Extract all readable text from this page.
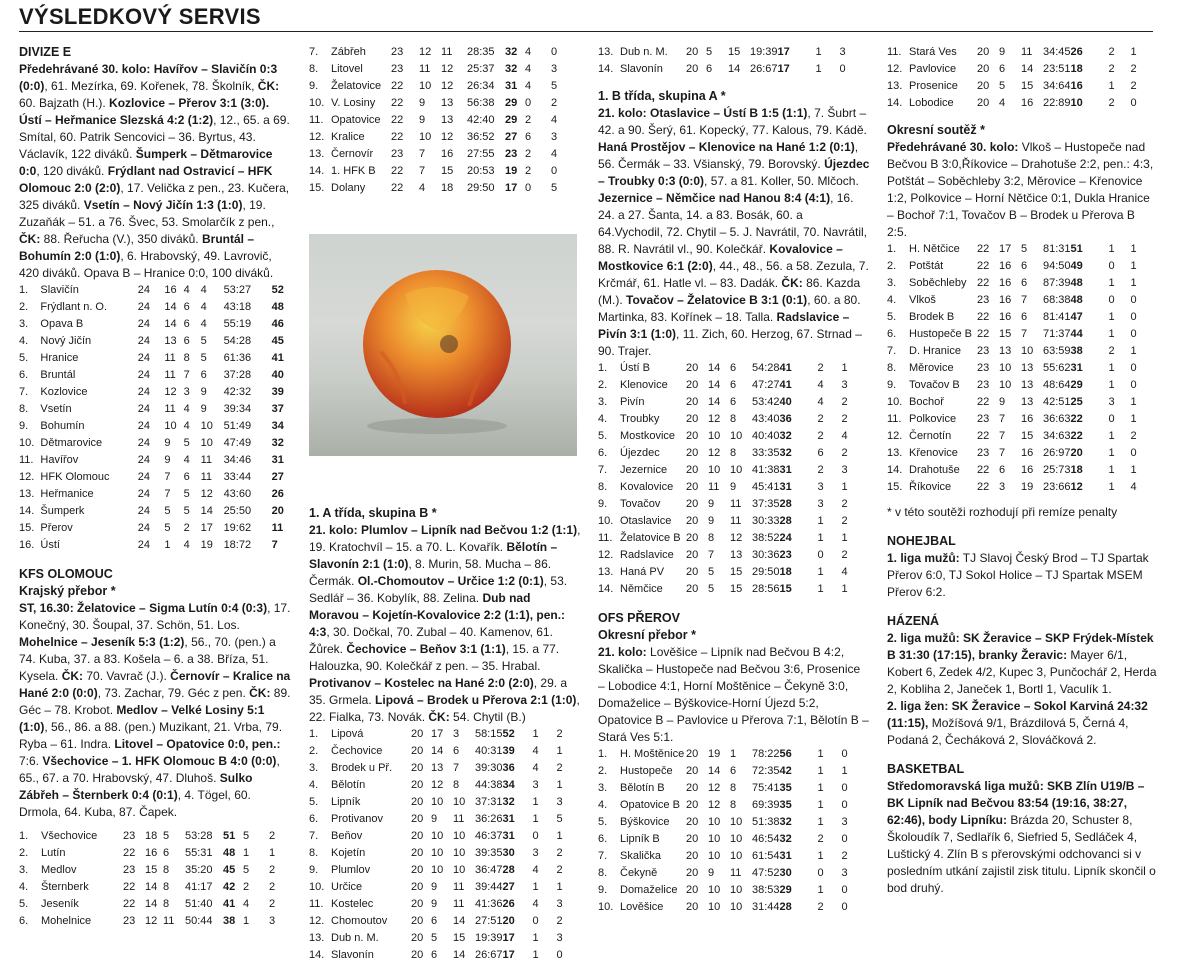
VÝSLEDKOVÝ SERVIS

DIVIZE E

Předehrávané 30. kolo: Havířov – Slavičín 0:3 (0:0), 61. Mezírka, 69. Kořenek, 78. Školník, ČK: 60. Bajzath (H.). Kozlovice – Přerov 3:1 (3:0). Ústí – Heřmanice Slezská 4:2 (1:2), 12., 65. a 69. Smítal, 60. Patrik Sencovici – 36. Byrtus, 43. Václavík, 122 diváků. Šumperk – Dětmarovice 0:0, 120 diváků. Frýdlant nad Ostravicí – HFK Olomouc 2:0 (2:0), 17. Velička z pen., 23. Kučera, 325 diváků. Vsetín – Nový Jičín 1:3 (1:0), 19. Zuzaňák – 51. a 76. Švec, 53. Smolarčík z pen., ČK: 88. Řeřucha (V.), 350 diváků. Bruntál – Bohumín 2:0 (1:0), 6. Hrabovský, 49. Lavrovič, 420 diváků. Opava B – Hranice 0:0, 100 diváků.

1.	Slavičín	24	16	4	4	53:27	52
2.	Frýdlant n. O.	24	14	6	4	43:18	48
3.	Opava B	24	14	6	4	55:19	46
4.	Nový Jičín	24	13	6	5	54:28	45
5.	Hranice	24	11	8	5	61:36	41
6.	Bruntál	24	11	7	6	37:28	40
7.	Kozlovice	24	12	3	9	42:32	39
8.	Vsetín	24	11	4	9	39:34	37
9.	Bohumín	24	10	4	10	51:49	34
10.	Dětmarovice	24	9	5	10	47:49	32
11.	Havířov	24	9	4	11	34:46	31
12.	HFK Olomouc	24	7	6	11	33:44	27
13.	Heřmanice	24	7	5	12	43:60	26
14.	Šumperk	24	5	5	14	25:50	20
15.	Přerov	24	5	2	17	19:62	11
16.	Ústí	24	1	4	19	18:72	7

KFS OLOMOUC

Krajský přebor *

ST, 16.30: Želatovice – Sigma Lutín 0:4 (0:3), 17. Konečný, 30. Šoupal, 37. Schön, 51. Los. Mohelnice – Jeseník 5:3 (1:2), 56., 70. (pen.) a 74. Kuba, 37. a 83. Košela – 6. a 38. Bříza, 51. Kysela. ČK: 70. Vavrač (J.). Černovír – Kralice na Hané 2:0 (0:0), 73. Zachar, 79. Géc z pen. ČK: 89. Géc – 78. Krobot. Medlov – Velké Losiny 5:1 (1:0), 56., 86. a 88. (pen.) Muzikant, 21. Vrba, 79. Ryba – 61. Indra. Litovel – Opatovice 0:0, pen.: 7:6. Všechovice – 1. HFK Olomouc B 4:0 (0:0), 65., 67. a 70. Hrabovský, 47. Dluhoš. Sulko Zábřeh – Šternberk 0:4 (0:1), 4. Tögel, 60. Drmola, 64. Kuba, 87. Čapek.

1.	Všechovice	23	18	5		53:28	51	5	2
2.	Lutín	22	16	6		55:31	48	1	1
3.	Medlov	23	15	8		35:20	45	5	2
4.	Šternberk	22	14	8		41:17	42	2	2
5.	Jeseník	22	14	8		51:40	41	4	2
6.	Mohelnice	23	12	11		50:44	38	1	3
7.	Zábřeh	23	12	11		28:35	32	4	0
8.	Litovel	23	11	12		25:37	32	4	3
9.	Želatovice	22	10	12		26:34	31	4	5
10.	V. Losiny	22	9	13		56:38	29	0	2
11.	Opatovice	22	9	13		42:40	29	2	4
12.	Kralice	22	10	12		36:52	27	6	3
13.	Černovír	23	7	16		27:55	23	2	4
14.	1. HFK B	22	7	15		20:53	19	2	0
15.	Dolany	22	4	18		29:50	17	0	5

1. A třída, skupina B *

21. kolo: Plumlov – Lipník nad Bečvou 1:2 (1:1), 19. Kratochvíl – 15. a 70. L. Kovařík. Bělotín – Slavonín 2:1 (1:0), 8. Murin, 58. Mucha – 86. Čermák. Ol.-Chomoutov – Určice 1:2 (0:1), 53. Sedlář – 36. Kobylík, 88. Zelina. Dub nad Moravou – Kojetín-Kovalovice 2:2 (1:1), pen.: 4:3, 30. Dočkal, 70. Zubal – 40. Kamenov, 61. Žůrek. Čechovice – Beňov 3:1 (1:1), 15. a 77. Halouzka, 90. Kolečkář z pen. – 35. Hrabal. Protivanov – Kostelec na Hané 2:0 (2:0), 29. a 35. Grmela. Lipová – Brodek u Přerova 2:1 (1:0), 22. Fialka, 73. Novák. ČK: 54. Chytil (B.)

1.	Lipová	20	17	3	58:15	52	1	2
2.	Čechovice	20	14	6	40:31	39	4	1
3.	Brodek u Př.	20	13	7	39:30	36	4	2
4.	Bělotín	20	12	8	44:38	34	3	1
5.	Lipník	20	10	10	37:31	32	1	3
6.	Protivanov	20	9	11	36:26	31	1	5
7.	Beňov	20	10	10	46:37	31	0	1
8.	Kojetín	20	10	10	39:35	30	3	2
9.	Plumlov	20	10	10	36:47	28	4	2
10.	Určice	20	9	11	39:44	27	1	1
11.	Kostelec	20	9	11	41:36	26	4	3
12.	Chomoutov	20	6	14	27:51	20	0	2
13.	Dub n. M.	20	5	15	19:39	17	1	3
14.	Slavonín	20	6	14	26:67	17	1	0
13.	Dub n. M.	20	5	15	19:39	17	1	3
14.	Slavonín	20	6	14	26:67	17	1	0

1. B třída, skupina A *

21. kolo: Otaslavice – Ústí B 1:5 (1:1), 7. Šubrt – 42. a 90. Šerý, 61. Kopecký, 77. Kalous, 79. Kádě. Haná Prostějov – Klenovice na Hané 1:2 (0:1), 56. Čermák – 33. Všianský, 79. Borovský. Újezdec – Troubky 0:3 (0:0), 57. a 81. Koller, 50. Mlčoch. Jezernice – Němčice nad Hanou 8:4 (4:1), 16. 24. a 27. Šanta, 14. a 83. Bosák, 60. a 64.Vychodil, 72. Chytil – 5. J. Navrátil, 70. Navrátil, 88. R. Navrátil vl., 90. Kolečkář. Kovalovice – Mostkovice 6:1 (2:0), 44., 48., 56. a 58. Zezula, 7. Krčmář, 61. Hatle vl. – 83. Dadák. ČK: 86. Kazda (M.). Tovačov – Želatovice B 3:1 (0:1), 60. a 80. Martinka, 83. Kořínek – 18. Talla. Radslavice – Pivín 3:1 (1:0), 11. Zich, 60. Herzog, 67. Strnad – 90. Trajer.

1.	Ústí B	20	14	6	54:28	41	2	1
2.	Klenovice	20	14	6	47:27	41	4	3
3.	Pivín	20	14	6	53:42	40	4	2
4.	Troubky	20	12	8	43:40	36	2	2
5.	Mostkovice	20	10	10	40:40	32	2	4
6.	Újezdec	20	12	8	33:35	32	6	2
7.	Jezernice	20	10	10	41:38	31	2	3
8.	Kovalovice	20	11	9	45:41	31	3	1
9.	Tovačov	20	9	11	37:35	28	3	2
10.	Otaslavice	20	9	11	30:33	28	1	2
11.	Želatovice B	20	8	12	38:52	24	1	1
12.	Radslavice	20	7	13	30:36	23	0	2
13.	Haná PV	20	5	15	29:50	18	1	4
14.	Němčice	20	5	15	28:56	15	1	1

OFS PŘEROV

Okresní přebor *

21. kolo: Lověšice – Lipník nad Bečvou B 4:2, Skalička – Hustopeče nad Bečvou 3:6, Prosenice – Lobodice 4:1, Horní Moštěnice – Čekyně 3:0, Domaželice – Býškovice-Horní Újezd 5:2, Opatovice B – Pavlovice u Přerova 7:1, Bělotín B – Stará Ves 5:1.

1.	H. Moštěnice	20	19	1	78:22	56	1	0
2.	Hustopeče	20	14	6	72:35	42	1	1
3.	Bělotín B	20	12	8	75:41	35	1	0
4.	Opatovice B	20	12	8	69:39	35	1	0
5.	Býškovice	20	10	10	51:38	32	1	3
6.	Lipník B	20	10	10	46:54	32	2	0
7.	Skalička	20	10	10	61:54	31	1	2
8.	Čekyně	20	9	11	47:52	30	0	3
9.	Domaželice	20	10	10	38:53	29	1	0
10.	Lověšice	20	10	10	31:44	28	2	0
11.	Stará Ves	20	9	11	34:45	26	2	1
12.	Pavlovice	20	6	14	23:51	18	2	2
13.	Prosenice	20	5	15	34:64	16	1	2
14.	Lobodice	20	4	16	22:89	10	2	0

Okresní soutěž *

Předehrávané 30. kolo: Vlkoš – Hustopeče nad Bečvou B 3:0,Říkovice – Drahotuše 2:2, pen.: 4:3, Potštát – Soběchleby 3:2, Měrovice – Křenovice 1:2, Polkovice – Horní Nětčice 0:1, Dukla Hranice – Bochoř 7:1, Tovačov B – Brodek u Přerova B 2:5.

1.	H. Nětčice	22	17	5	81:31	51	1	1
2.	Potštát	22	16	6	94:50	49	0	1
3.	Soběchleby	22	16	6	87:39	48	1	1
4.	Vlkoš	23	16	7	68:38	48	0	0
5.	Brodek B	22	16	6	81:41	47	1	0
6.	Hustopeče B	22	15	7	71:37	44	1	0
7.	D. Hranice	23	13	10	63:59	38	2	1
8.	Měrovice	23	10	13	55:62	31	1	0
9.	Tovačov B	23	10	13	48:64	29	1	0
10.	Bochoř	22	9	13	42:51	25	3	1
11.	Polkovice	23	7	16	36:63	22	0	1
12.	Černotín	22	7	15	34:63	22	1	2
13.	Křenovice	23	7	16	26:97	20	1	0
14.	Drahotuše	22	6	16	25:73	18	1	1
15.	Říkovice	22	3	19	23:66	12	1	4

* v této soutěži rozhodují při remíze penalty

NOHEJBAL

1. liga mužů: TJ Slavoj Český Brod – TJ Spartak Přerov 6:0, TJ Sokol Holice – TJ Spartak MSEM Přerov 6:2.

HÁZENÁ

2. liga mužů: SK Žeravice – SKP Frýdek-Místek B 31:30 (17:15), branky Žeravic: Mayer 6/1, Kobert 6, Zedek 4/2, Kupec 3, Punčochář 2, Herda 2, Kobliha 2, Janeček 1, Bortl 1, Vaculík 1.

2. liga žen: SK Žeravice – Sokol Karviná 24:32 (11:15), Možíšová 9/1, Brázdilová 5, Černá 4, Podaná 2, Čecháková 2, Slováčková 2.

BASKETBAL

Středomoravská liga mužů: SKB Zlín U19/B – BK Lipník nad Bečvou 83:54 (19:16, 38:27, 62:46), body Lipníku: Brázda 20, Schuster 8, Školoudík 7, Sedlařík 6, Siefried 5, Sedláček 4, Luštický 4. Zlín B s přerovskými odchovanci si v posledním utkání zajistil zisk titulu. Lipník skončil o bod druhý.
